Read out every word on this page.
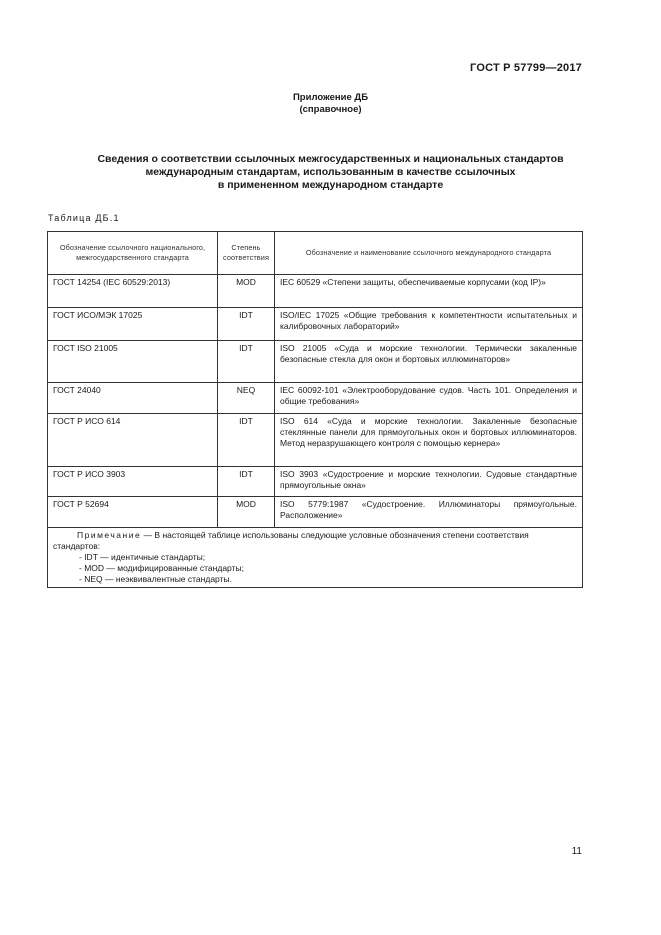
ГОСТ Р 57799—2017
Приложение ДБ
(справочное)
Сведения о соответствии ссылочных межгосударственных и национальных стандартов
международным стандартам, использованным в качестве ссылочных
в примененном международном стандарте
Таблица ДБ.1
Обозначение ссылочного национального, межгосударственного стандарта	Степень соответствия	Обозначение и наименование ссылочного международного стандарта
ГОСТ 14254 (IEC 60529:2013)	MOD	IEC 60529 «Степени защиты, обеспечиваемые корпусами (код IP)»
ГОСТ ИСО/МЭК 17025	IDT	ISO/IEC 17025 «Общие требования к компетентности испытательных и калибровочных лабораторий»
ГОСТ ISO 21005	IDT	ISO 21005 «Суда и морские технологии. Термически закаленные безопасные стекла для окон и бортовых иллюминаторов»
ГОСТ 24040	NEQ	IEC 60092-101 «Электрооборудование судов. Часть 101. Определения и общие требования»
ГОСТ Р ИСО 614	IDT	ISO 614 «Суда и морские технологии. Закаленные безопасные стеклянные панели для прямоугольных окон и бортовых иллюминаторов. Метод неразрушающего контроля с помощью кернера»
ГОСТ Р ИСО 3903	IDT	ISO 3903 «Судостроение и морские технологии. Судовые стандартные прямоугольные окна»
ГОСТ Р 52694	MOD	ISO 5779:1987 «Судостроение. Иллюминаторы прямоугольные. Расположение»

Примечание — В настоящей таблице использованы следующие условные обозначения степени соответствия стандартов:
- IDT — идентичные стандарты;
- MOD — модифицированные стандарты;
- NEQ — неэквивалентные стандарты.		
11
